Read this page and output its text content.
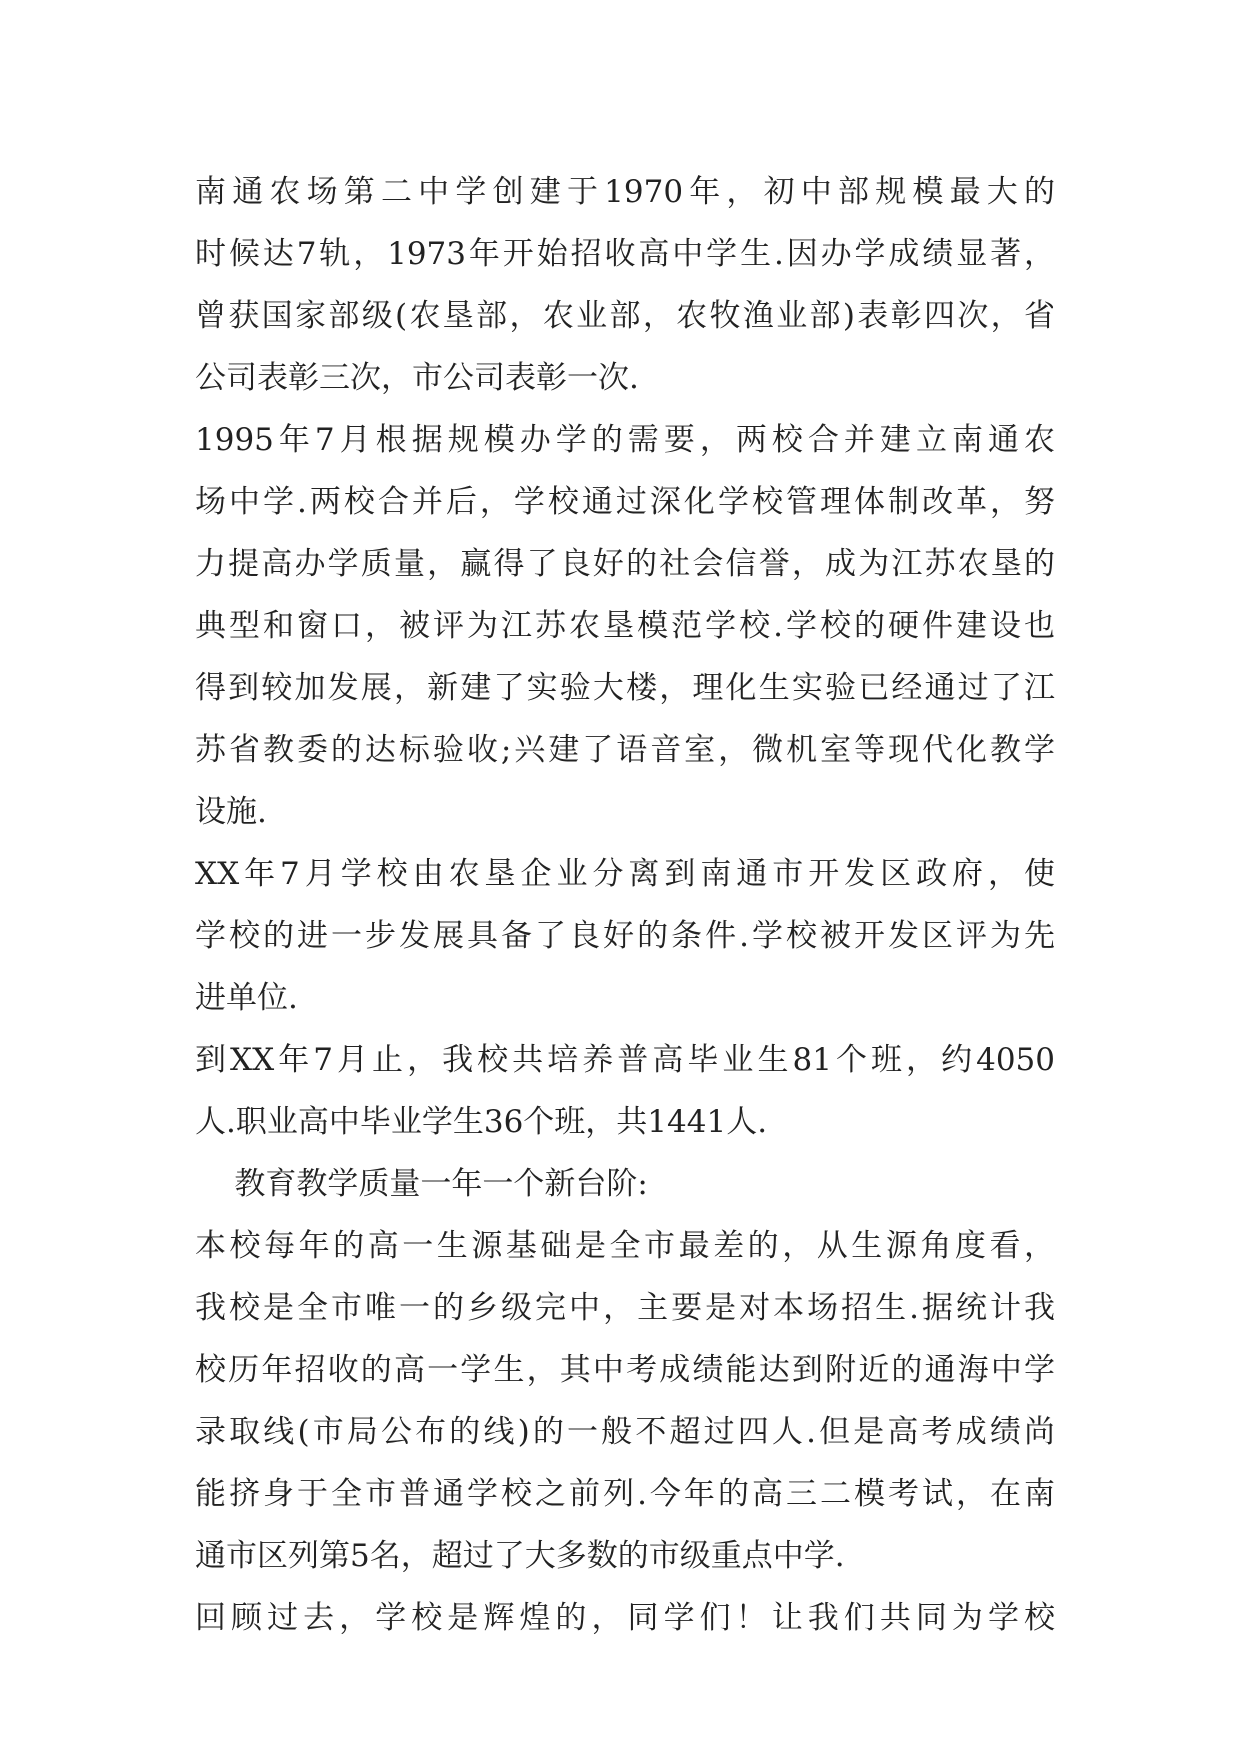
南通农场第二中学创建于1970年，初中部规模最大的
时候达7轨，1973年开始招收高中学生.因办学成绩显著，
曾获国家部级(农垦部，农业部，农牧渔业部)表彰四次，省
公司表彰三次，市公司表彰一次.
1995年7月根据规模办学的需要，两校合并建立南通农
场中学.两校合并后，学校通过深化学校管理体制改革，努
力提高办学质量，赢得了良好的社会信誉，成为江苏农垦的
典型和窗口，被评为江苏农垦模范学校.学校的硬件建设也
得到较加发展，新建了实验大楼，理化生实验已经通过了江
苏省教委的达标验收;兴建了语音室，微机室等现代化教学
设施.
XX年7月学校由农垦企业分离到南通市开发区政府，使
学校的进一步发展具备了良好的条件.学校被开发区评为先
进单位.
到XX年7月止，我校共培养普高毕业生81个班，约4050
人.职业高中毕业学生36个班，共1441人.
教育教学质量一年一个新台阶:
本校每年的高一生源基础是全市最差的，从生源角度看，
我校是全市唯一的乡级完中，主要是对本场招生.据统计我
校历年招收的高一学生，其中考成绩能达到附近的通海中学
录取线(市局公布的线)的一般不超过四人.但是高考成绩尚
能挤身于全市普通学校之前列.今年的高三二模考试，在南
通市区列第5名，超过了大多数的市级重点中学.
回顾过去，学校是辉煌的，同学们！让我们共同为学校
